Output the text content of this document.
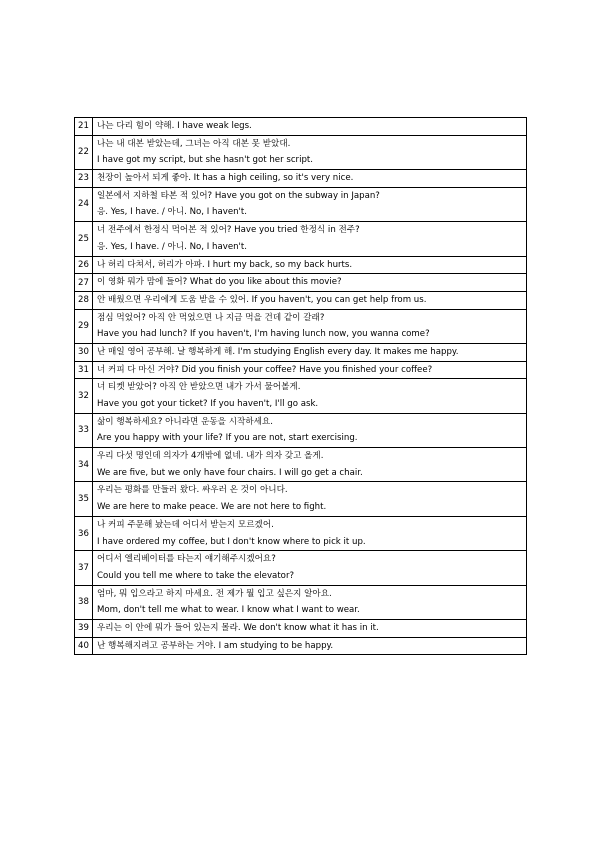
21	나는 다리 힘이 약해. I have weak legs.

22	나는 내 대본 받았는데, 그녀는 아직 대본 못 받았대.
I have got my script, but she hasn't got her script.

23	천장이 높아서 되게 좋아. It has a high ceiling, so it's very nice.

24	일본에서 지하철 타본 적 있어? Have you got on the subway in Japan?
응. Yes, I have. / 아니. No, I haven't.

25	너 전주에서 한정식 먹어본 적 있어? Have you tried 한정식 in 전주?
응. Yes, I have. / 아니. No, I haven't.

26	나 허리 다쳐서, 허리가 아파. I hurt my back, so my back hurts.

27	이 영화 뭐가 맘에 들어? What do you like about this movie?

28	안 배웠으면 우리에게 도움 받을 수 있어. If you haven't, you can get help from us.

29	점심 먹었어? 아직 안 먹었으면 나 지금 먹을 건데 같이 갈래?
Have you had lunch? If you haven't, I'm having lunch now, you wanna come?

30	난 매일 영어 공부해. 날 행복하게 해. I'm studying English every day. It makes me happy.

31	너 커피 다 마신 거야? Did you finish your coffee? Have you finished your coffee?

32	너 티켓 받았어? 아직 안 받았으면 내가 가서 물어볼게.
Have you got your ticket? If you haven't, I'll go ask.

33	삶이 행복하세요? 아니라면 운동을 시작하세요.
Are you happy with your life? If you are not, start exercising.

34	우리 다섯 명인데 의자가 4개밖에 없네. 내가 의자 갖고 올게.
We are five, but we only have four chairs. I will go get a chair.

35	우리는 평화를 만들러 왔다. 싸우러 온 것이 아니다.
We are here to make peace. We are not here to fight.

36	나 커피 주문해 놨는데 어디서 받는지 모르겠어.
I have ordered my coffee, but I don't know where to pick it up.

37	어디서 엘리베이터를 타는지 얘기해주시겠어요?
Could you tell me where to take the elevator?

38	엄마, 뭐 입으라고 하지 마세요. 전 제가 뭘 입고 싶은지 알아요.
Mom, don't tell me what to wear. I know what I want to wear.

39	우리는 이 안에 뭐가 들어 있는지 몰라. We don't know what it has in it.

40	난 행복해지려고 공부하는 거야. I am studying to be happy.
